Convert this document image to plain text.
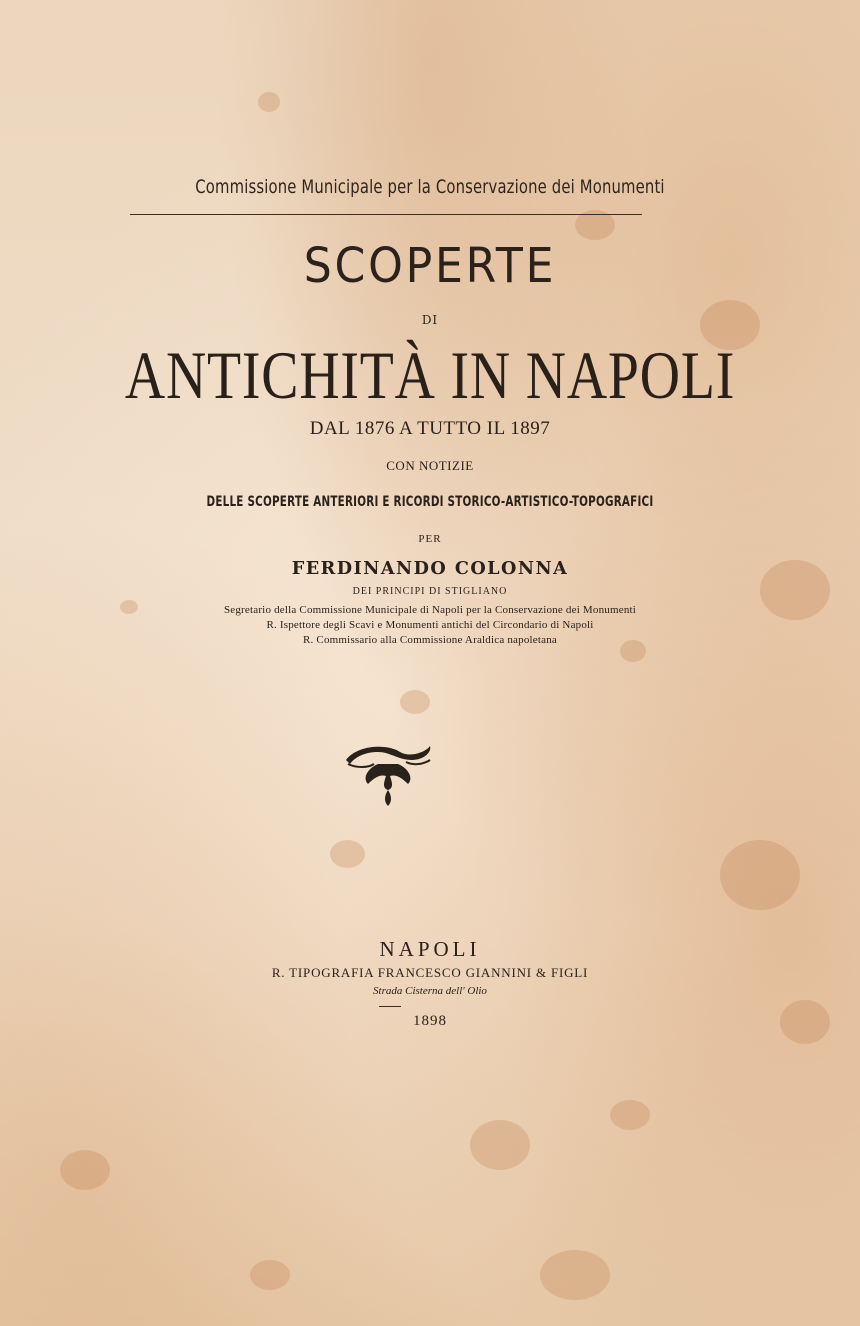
Commissione Municipale per la Conservazione dei Monumenti
SCOPERTE
DI
ANTICHITÀ IN NAPOLI
DAL 1876 A TUTTO IL 1897
CON NOTIZIE
DELLE SCOPERTE ANTERIORI E RICORDI STORICO-ARTISTICO-TOPOGRAFICI
PER
FERDINANDO COLONNA
DEI PRINCIPI DI STIGLIANO
Segretario della Commissione Municipale di Napoli per la Conservazione dei Monumenti
R. Ispettore degli Scavi e Monumenti antichi del Circondario di Napoli
R. Commissario alla Commissione Araldica napoletana
NAPOLI
R. TIPOGRAFIA FRANCESCO GIANNINI & FIGLI
Strada Cisterna dell' Olio
1898
